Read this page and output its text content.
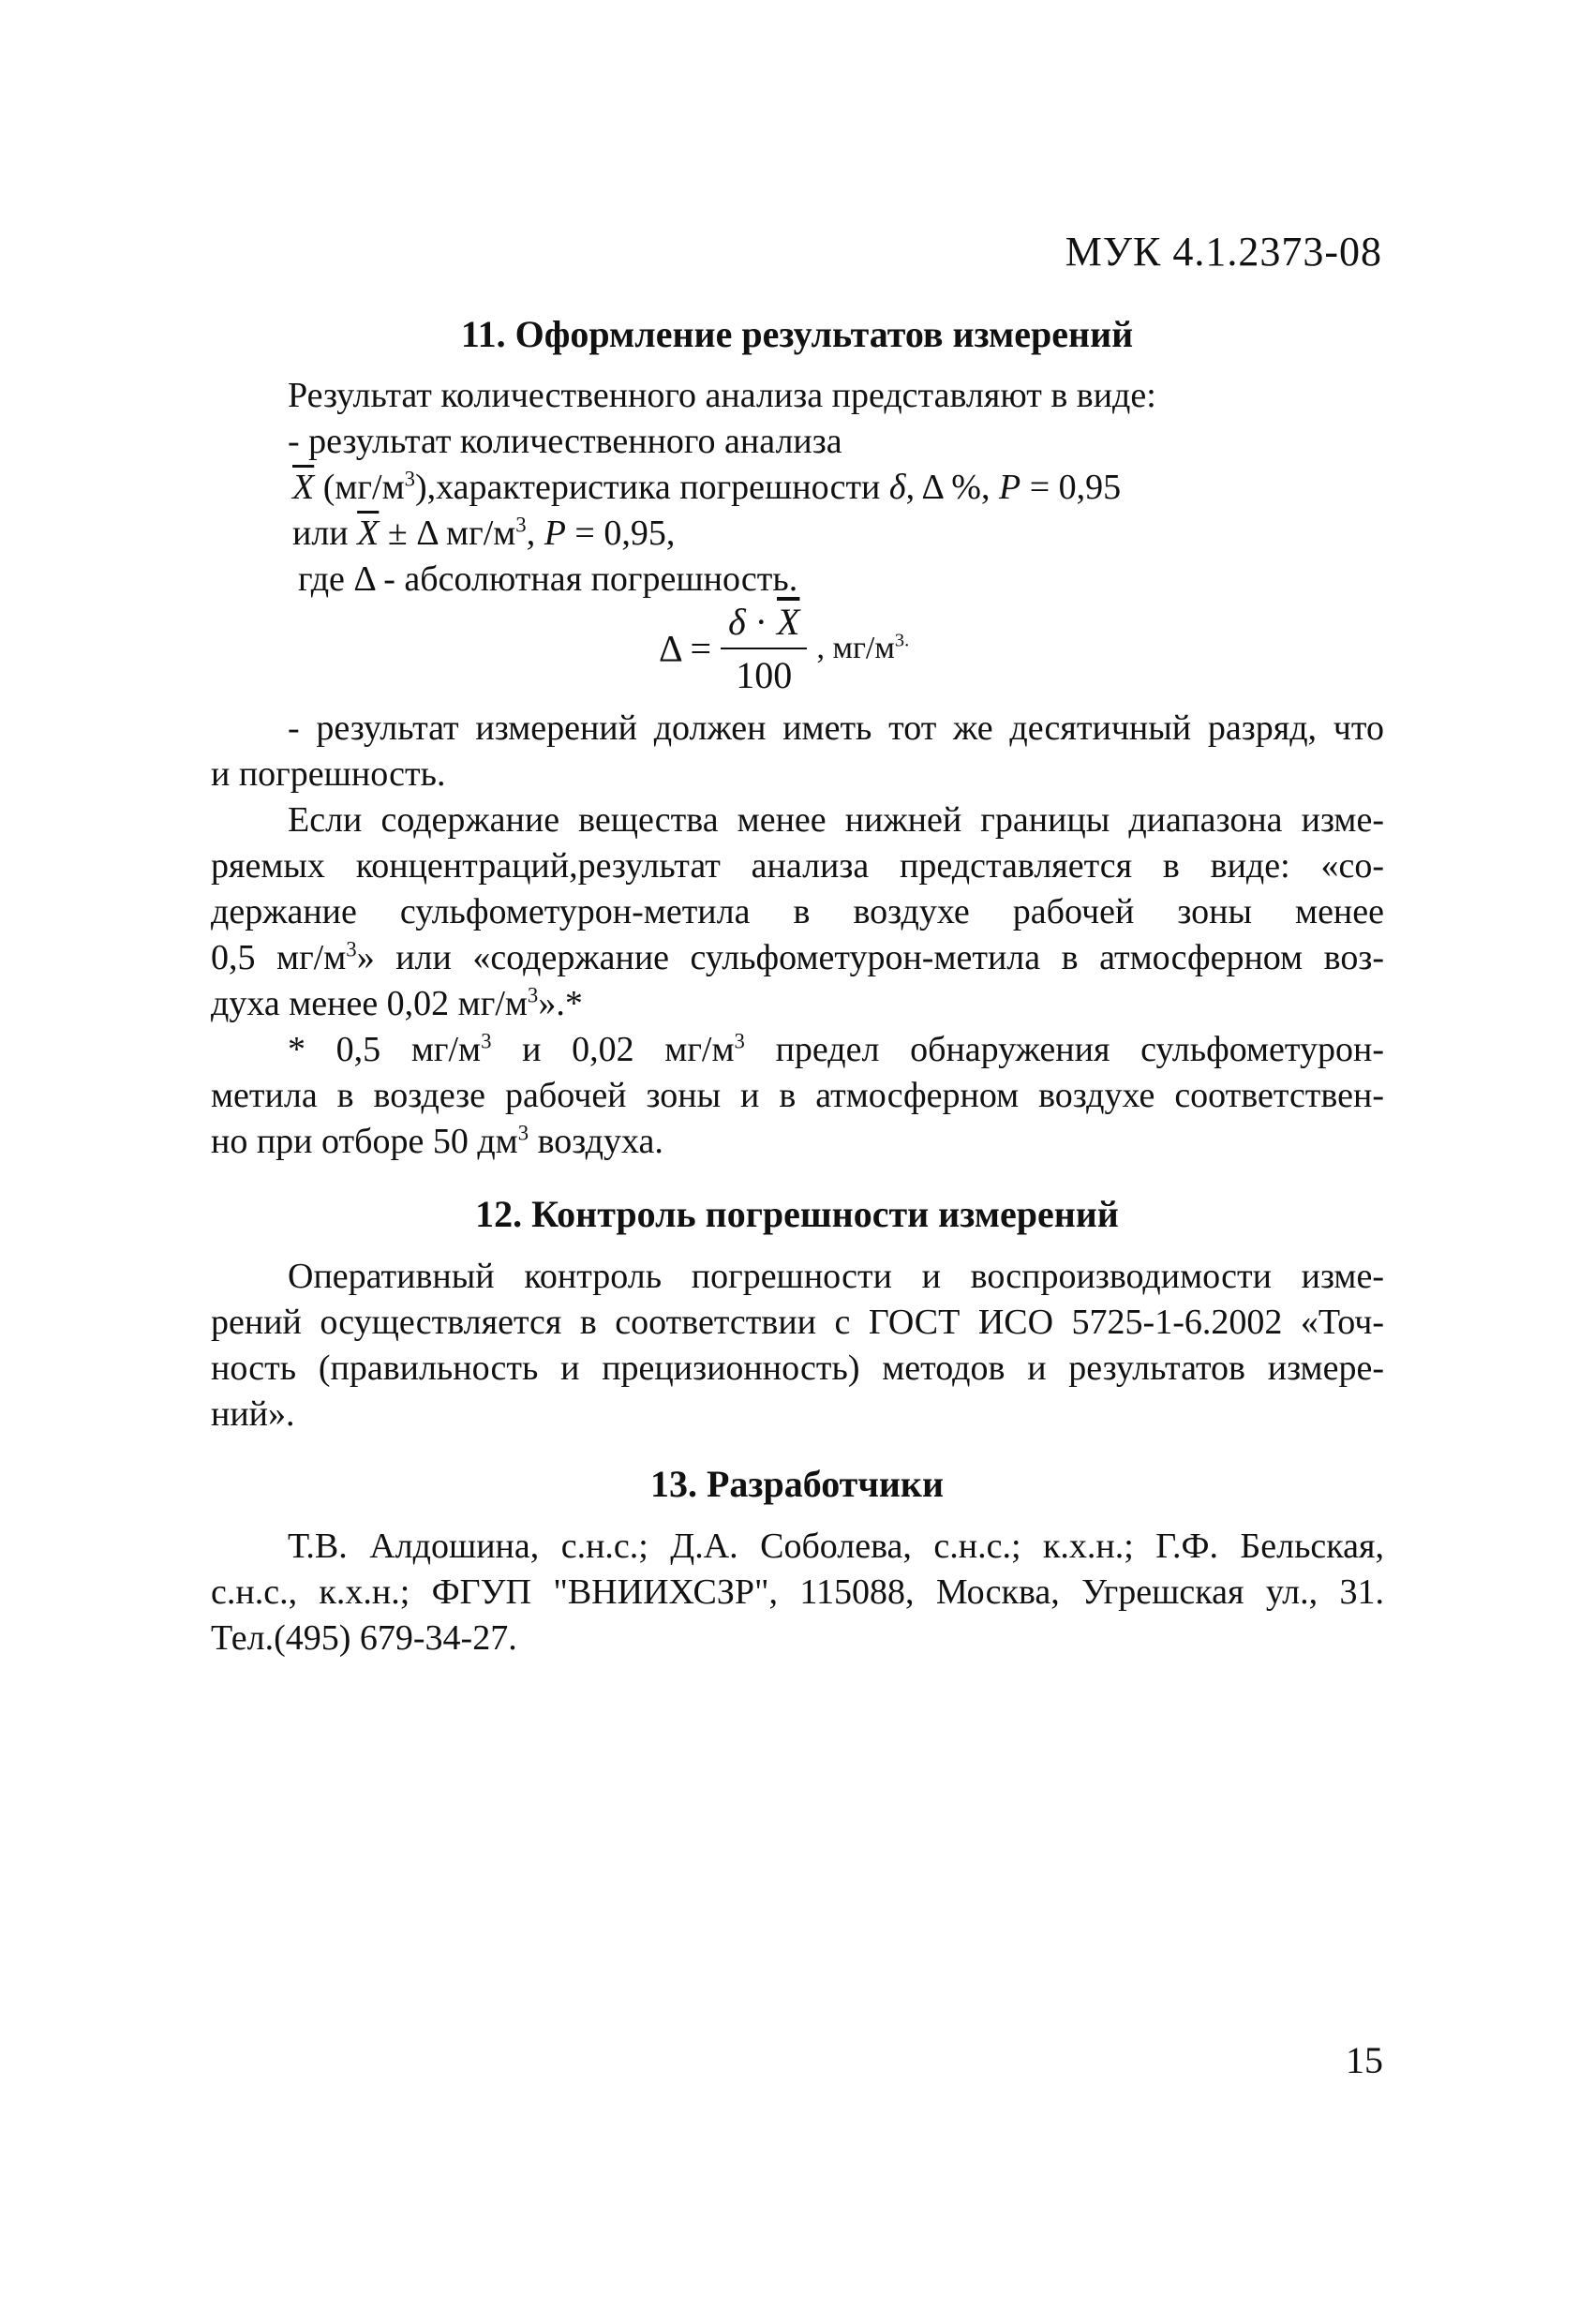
МУК 4.1.2373-08
11. Оформление результатов измерений
Результат количественного анализа представляют в виде:
- результат количественного анализа
$\overline{X}$ $(мг/м^3),характеристика$ погрешности δ, Δ %, P = 0,95
или $\overline{X} \pm \Delta$ $мг/м^3$, P = 0,95,
где Δ - абсолютная погрешность.
$\Delta = \frac{\delta \cdot \overline{X}}{100}$ , $мг/м^{3.}$
- результат измерений должен иметь тот же десятичный разряд, что
и погрешность.
Если содержание вещества менее нижней границы диапазона изме-
ряемых концентраций,результат анализа представляется в виде: «со-
держание сульфометурон-метила в воздухе рабочей зоны менее
0,5 $мг/м^3$» или «содержание сульфометурон-метила в атмосферном воз-
духа менее 0,02 $мг/м^3».*$
* 0,5 $мг/м^3$ и 0,02 $мг/м^3$ предел обнаружения сульфометурон-
метила в воздезе рабочей зоны и в атмосферном воздухе соответствен-
но при отборе 50 $дм^3$ воздуха.
12. Контроль погрешности измерений
Оперативный контроль погрешности и воспроизводимости изме-
рений осуществляется в соответствии с ГОСТ ИСО 5725-1-6.2002 «Точ-
ность (правильность и прецизионность) методов и результатов измере-
ний».
13. Разработчики
Т.В. Алдошина, с.н.с.; Д.А. Соболева, с.н.с.; к.х.н.; Г.Ф. Бельская,
с.н.с., к.х.н.; ФГУП "ВНИИХСЗР", 115088, Москва, Угрешская ул., 31.
Тел.(495) 679-34-27.
15
